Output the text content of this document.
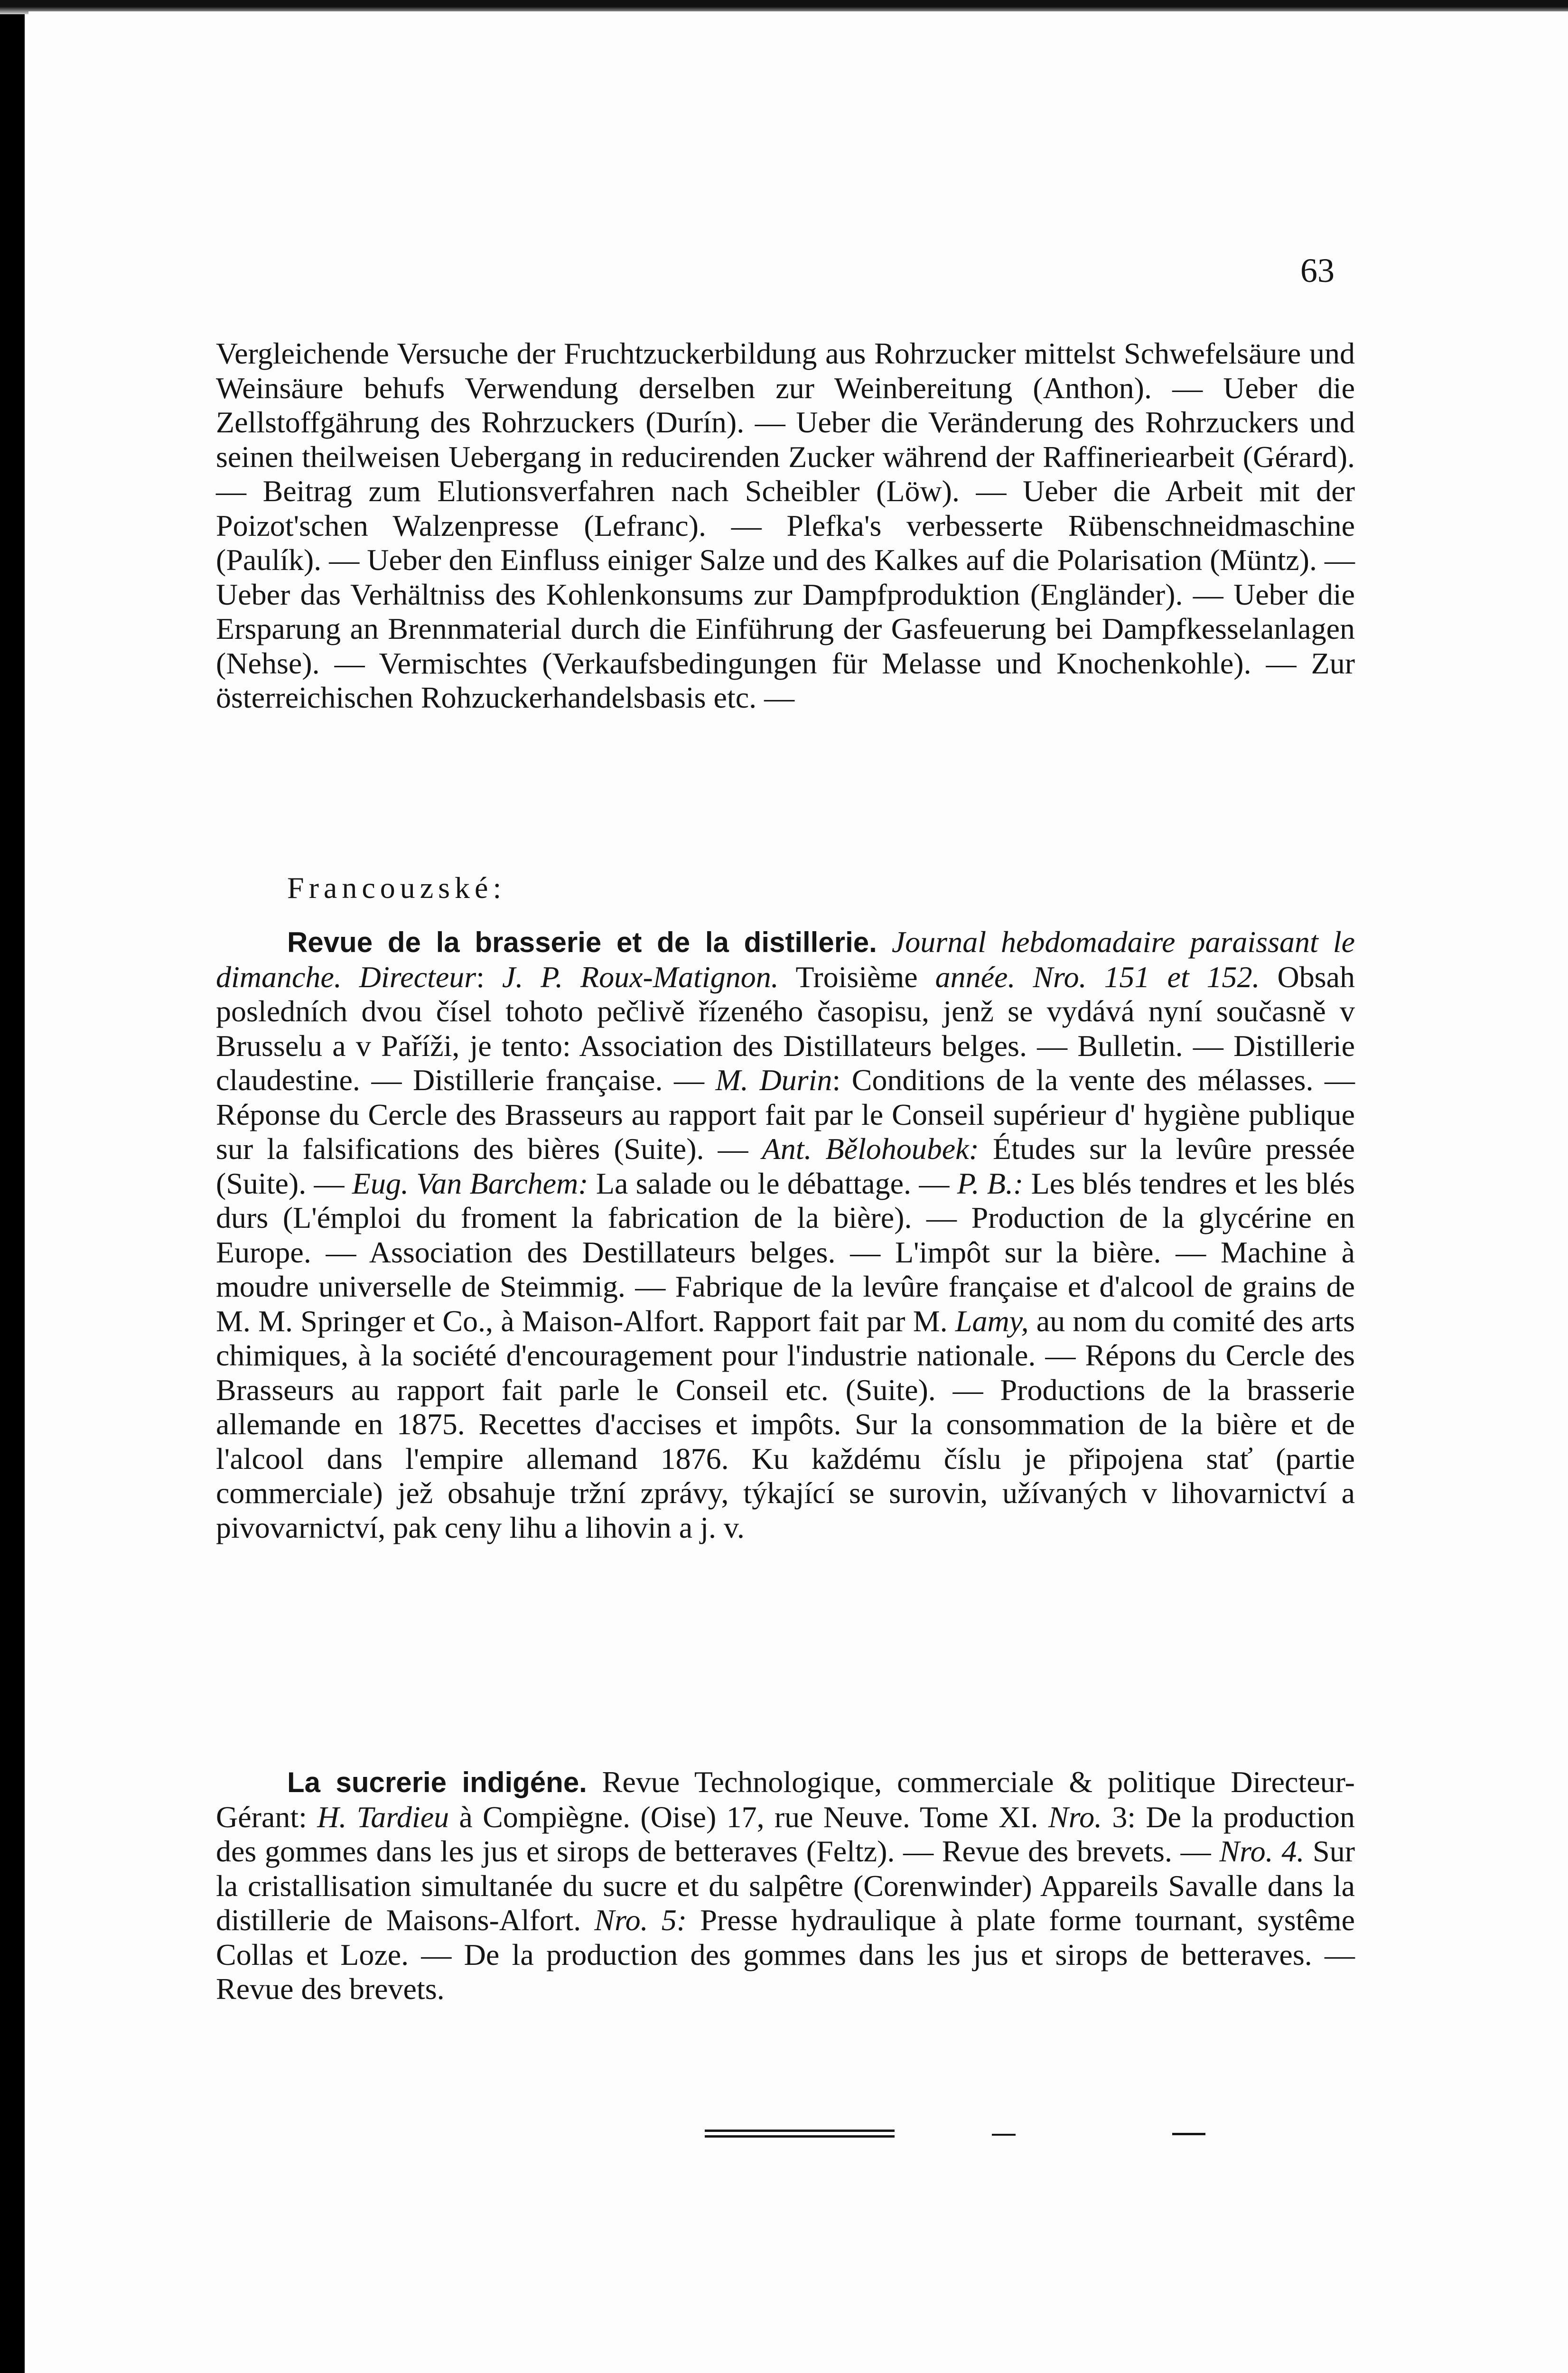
63
Vergleichende Versuche der Fruchtzuckerbildung aus Rohrzucker mittelst Schwefelsäure und Weinsäure behufs Verwendung derselben zur Weinbereitung (Anthon). — Ueber die Zellstoffgährung des Rohrzuckers (Durín). — Ueber die Veränderung des Rohrzuckers und seinen theilweisen Uebergang in reducirenden Zucker während der Raffineriearbeit (Gérard). — Beitrag zum Elutionsverfahren nach Scheibler (Löw). — Ueber die Arbeit mit der Poizot'schen Walzenpresse (Lefranc). — Plefka's verbesserte Rübenschneidmaschine (Paulík). — Ueber den Einfluss einiger Salze und des Kalkes auf die Polarisation (Müntz). — Ueber das Verhältniss des Kohlenkonsums zur Dampfproduktion (Engländer). — Ueber die Ersparung an Brennmaterial durch die Einführung der Gasfeuerung bei Dampfkesselanlagen (Nehse). — Vermischtes (Verkaufsbedingungen für Melasse und Knochenkohle). — Zur österreichischen Rohzuckerhandelsbasis etc. —
Francouzské:
Revue de la brasserie et de la distillerie. Journal hebdomadaire paraissant le dimanche. Directeur: J. P. Roux-Matignon. Troisième année. Nro. 151 et 152. Obsah posledních dvou čísel tohoto pečlivě řízeného časopisu, jenž se vydává nyní současně v Brusselu a v Paříži, je tento: Association des Distillateurs belges. — Bulletin. — Distillerie claudestine. — Distillerie française. — M. Durin: Conditions de la vente des mélasses. — Réponse du Cercle des Brasseurs au rapport fait par le Conseil supérieur d' hygiène publique sur la falsifications des bières (Suite). — Ant. Bělohoubek: Études sur la levûre pressée (Suite). — Eug. Van Barchem: La salade ou le débattage. — P. B.: Les blés tendres et les blés durs (L'émploi du froment la fabrication de la bière). — Production de la glycérine en Europe. — Association des Destillateurs belges. — L'impôt sur la bière. — Machine à moudre universelle de Steimmig. — Fabrique de la levûre française et d'alcool de grains de M. M. Springer et Co., à Maison-Alfort. Rapport fait par M. Lamy, au nom du comité des arts chimiques, à la société d'encouragement pour l'industrie nationale. — Répons du Cercle des Brasseurs au rapport fait parle le Conseil etc. (Suite). — Productions de la brasserie allemande en 1875. Recettes d'accises et impôts. Sur la consommation de la bière et de l'alcool dans l'empire allemand 1876. Ku každému číslu je připojena stať (partie commerciale) jež obsahuje tržní zprávy, týkající se surovin, užívaných v lihovarnictví a pivovarnictví, pak ceny lihu a lihovin a j. v.
La sucrerie indigéne. Revue Technologique, commerciale & politique Directeur-Gérant: H. Tardieu à Compiègne. (Oise) 17, rue Neuve. Tome XI. Nro. 3: De la production des gommes dans les jus et sirops de betteraves (Feltz). — Revue des brevets. — Nro. 4. Sur la cristallisation simultanée du sucre et du salpêtre (Corenwinder) Appareils Savalle dans la distillerie de Maisons-Alfort. Nro. 5: Presse hydraulique à plate forme tournant, systême Collas et Loze. — De la production des gommes dans les jus et sirops de betteraves. — Revue des brevets.
